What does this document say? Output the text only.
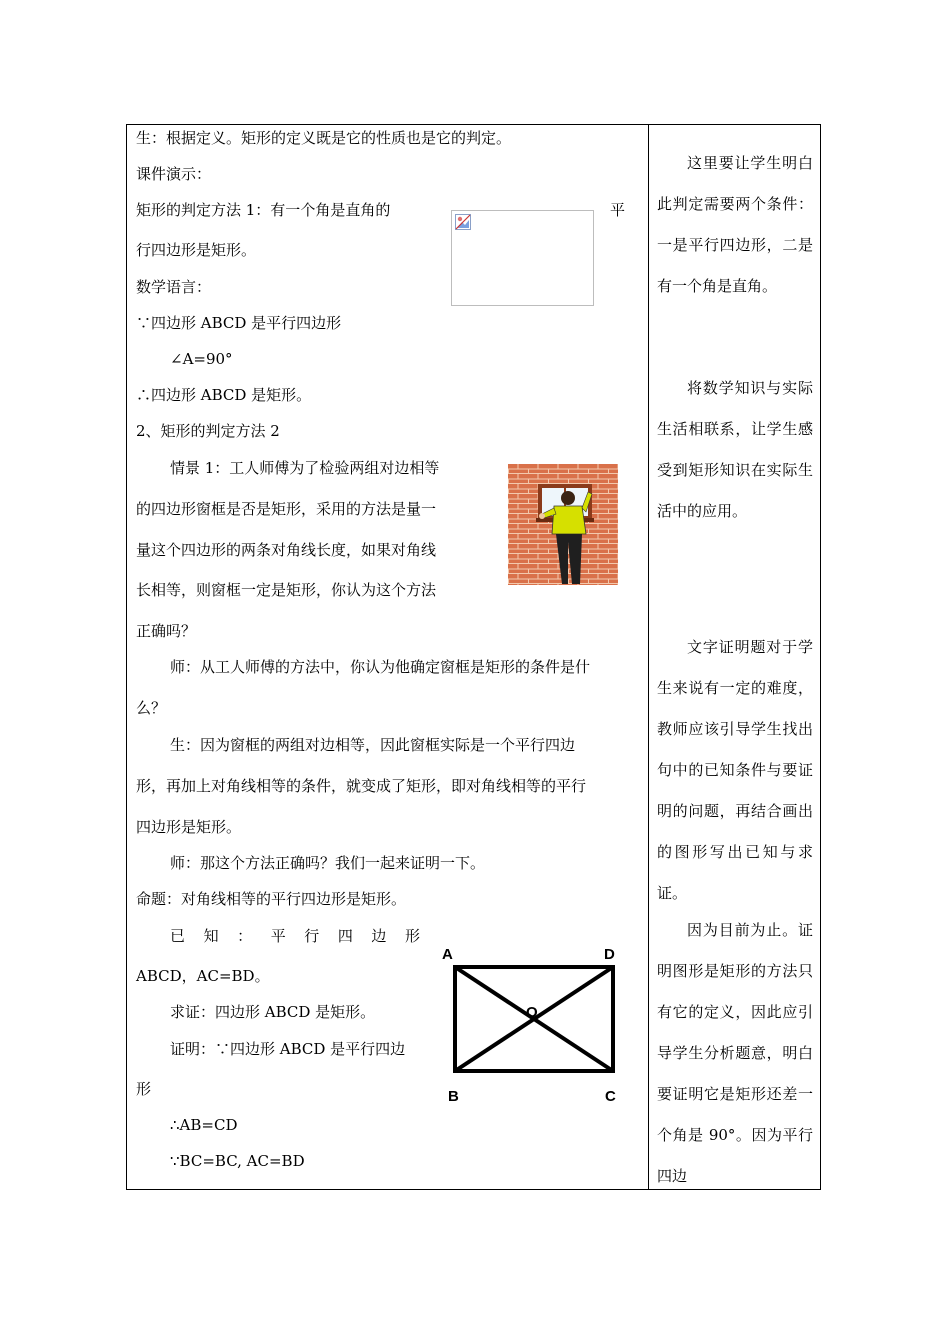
生：根据定义。矩形的定义既是它的性质也是它的判定。
课件演示：
矩形的判定方法 1：有一个角是直角的	平
行四边形是矩形。
数学语言：
∵四边形 ABCD 是平行四边形
∠A=90°
∴四边形 ABCD 是矩形。
2、矩形的判定方法 2
情景 1：工人师傅为了检验两组对边相等
的四边形窗框是否是矩形，采用的方法是量一
量这个四边形的两条对角线长度，如果对角线
长相等，则窗框一定是矩形，你认为这个方法
正确吗？
师：从工人师傅的方法中，你认为他确定窗框是矩形的条件是什
么？
生：因为窗框的两组对边相等，因此窗框实际是一个平行四边
形，再加上对角线相等的条件，就变成了矩形，即对角线相等的平行
四边形是矩形。
师：那这个方法正确吗？我们一起来证明一下。
命题：对角线相等的平行四边形是矩形。
已 知 ： 平 行 四 边 形
ABCD，AC=BD。
求证：四边形 ABCD 是矩形。
证明：∵四边形 ABCD 是平行四边
形
∴AB=CD
∵BC=BC, AC=BD
A	D
B	C
O
这里要让学生明白此判定需要两个条件：一是平行四边形，二是有一个角是直角。
将数学知识与实际生活相联系，让学生感受到矩形知识在实际生活中的应用。
文字证明题对于学生来说有一定的难度，教师应该引导学生找出句中的已知条件与要证明的问题，再结合画出的图形写出已知与求证。
因为目前为止。证明图形是矩形的方法只有它的定义，因此应引导学生分析题意，明白要证明它是矩形还差一个角是 90°。因为平行四边
